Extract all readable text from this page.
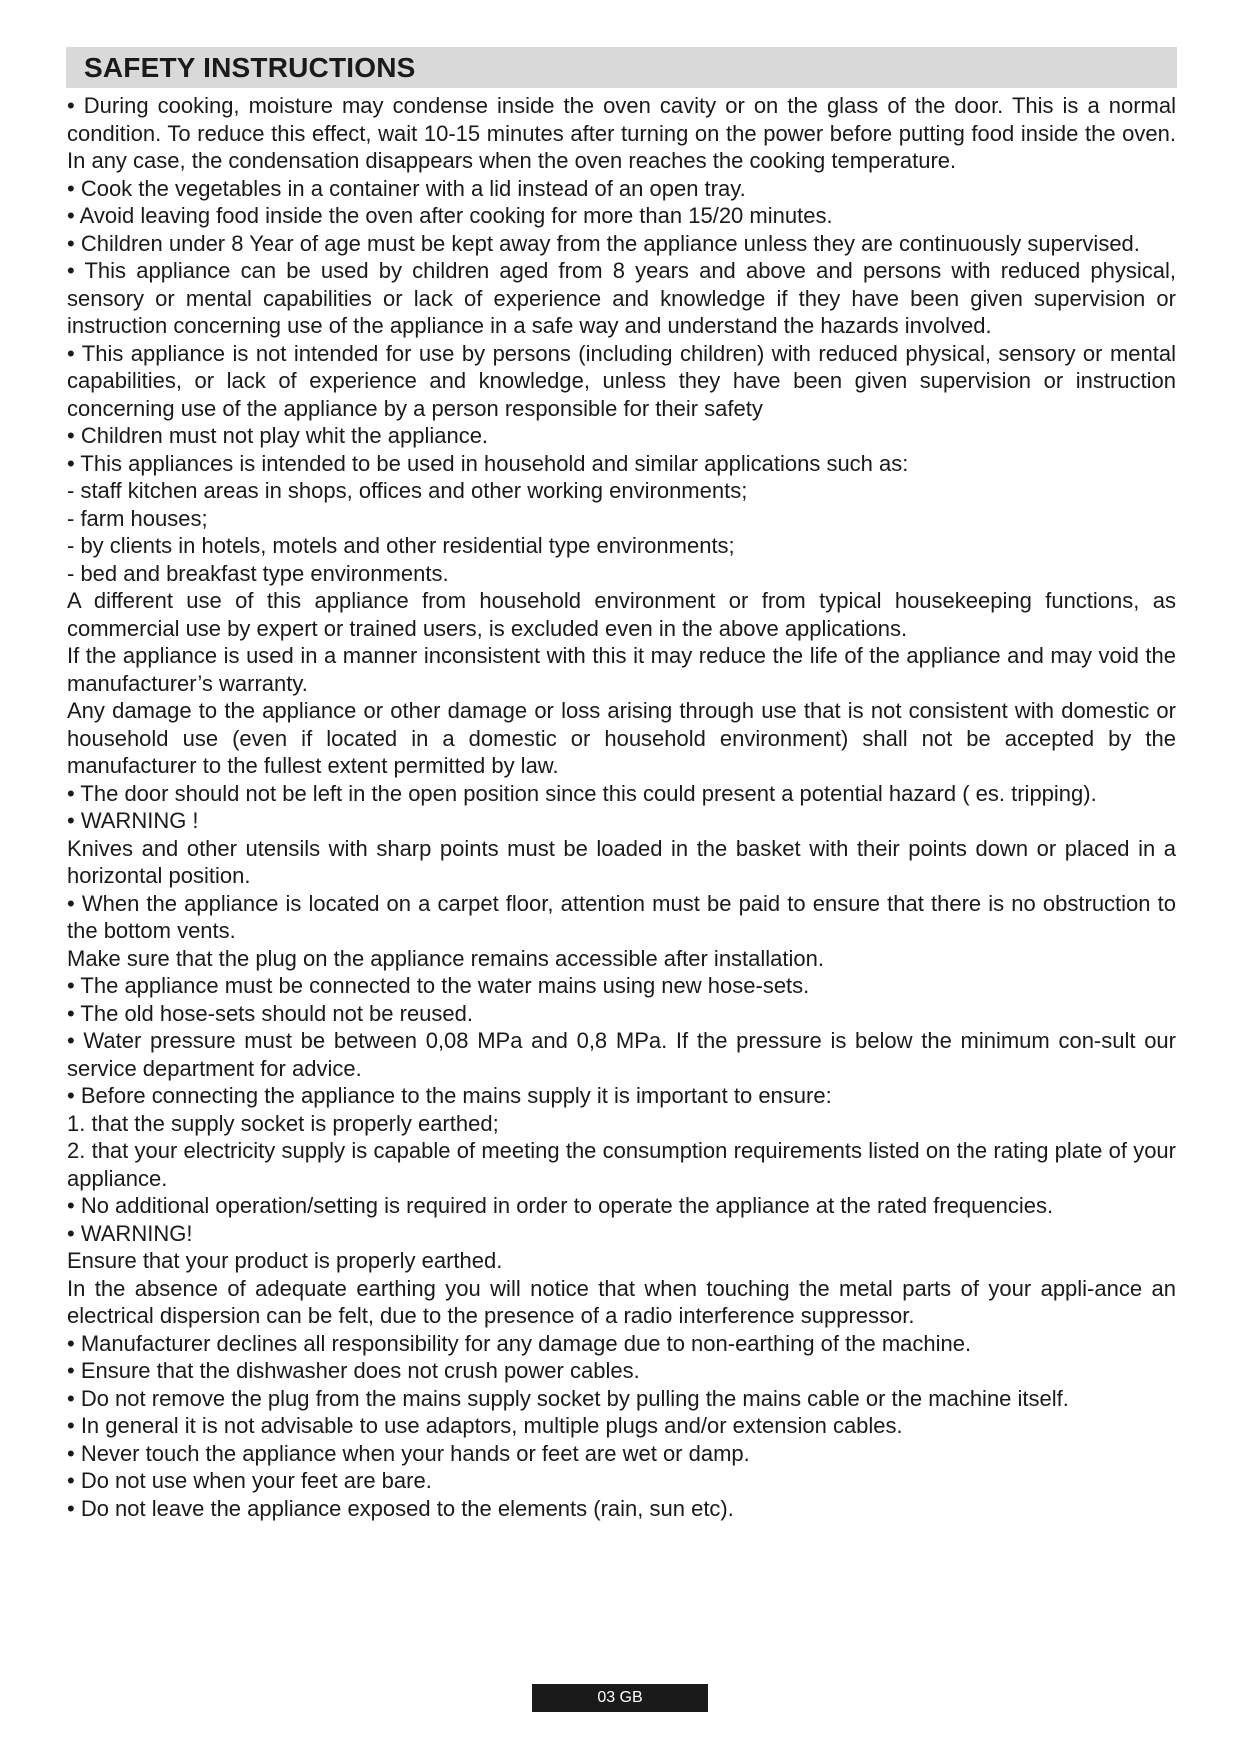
SAFETY INSTRUCTIONS

• During cooking, moisture may condense inside the oven cavity or on the glass of the door. This is a normal condition. To reduce this effect, wait 10-15 minutes after turning on the power before putting food inside the oven. In any case, the condensation disappears when the oven reaches the cooking temperature.

• Cook the vegetables in a container with a lid instead of an open tray.

• Avoid leaving food inside the oven after cooking for more than 15/20 minutes.

• Children under 8 Year of age must be kept away from the appliance unless they are continuously supervised.

• This appliance can be used by children aged from 8 years and above and persons with reduced physical, sensory or mental capabilities or lack of experience and knowledge if they have been given supervision or instruction concerning use of the appliance in a safe way and understand the hazards involved.

• This appliance is not intended for use by persons (including children) with reduced physical, sensory or mental capabilities, or lack of experience and knowledge, unless they have been given supervision or instruction concerning use of the appliance by a person responsible for their safety

• Children must not play whit the appliance.

• This appliances is intended to be used in household and similar applications such as:

- staff kitchen areas in shops, offices and other working environments;

- farm houses;

- by clients in hotels, motels and other residential type environments;

- bed and breakfast type environments.

A different use of this appliance from household environment or from typical housekeeping functions, as commercial use by expert or trained users, is excluded even in the above applications.

If the appliance is used in a manner inconsistent with this it may reduce the life of the appliance and may void the manufacturer’s warranty.

Any damage to the appliance or other damage or loss arising through use that is not consistent with domestic or household use (even if located in a domestic or household environment) shall not be accepted by the manufacturer to the fullest extent permitted by law.

• The door should not be left in the open position since this could present a potential hazard ( es. tripping).

• WARNING !

Knives and other utensils with sharp points must be loaded in the basket with their points down or placed in a horizontal position.

• When the appliance is located on a carpet floor, attention must be paid to ensure that there is no obstruction to the bottom vents.

Make sure that the plug on the appliance remains accessible after installation.

• The appliance must be connected to the water mains using new hose-sets.

• The old hose-sets should not be reused.

• Water pressure must be between 0,08 MPa and 0,8 MPa. If the pressure is below the minimum con-sult our service department for advice.

• Before connecting the appliance to the mains supply it is important to ensure:

1. that the supply socket is properly earthed;

2. that your electricity supply is capable of meeting the consumption requirements listed on the rating plate of your appliance.

• No additional operation/setting is required in order to operate the appliance at the rated frequencies.

• WARNING!

Ensure that your product is properly earthed.

In the absence of adequate earthing you will notice that when touching the metal parts of your appli-ance an electrical dispersion can be felt, due to the presence of a radio interference suppressor.

• Manufacturer declines all responsibility for any damage due to non-earthing of the machine.

• Ensure that the dishwasher does not crush power cables.

• Do not remove the plug from the mains supply socket by pulling the mains cable or the machine itself.

• In general it is not advisable to use adaptors, multiple plugs and/or extension cables.

• Never touch the appliance when your hands or feet are wet or damp.

• Do not use when your feet are bare.

• Do not leave the appliance exposed to the elements (rain, sun etc).

03 GB
